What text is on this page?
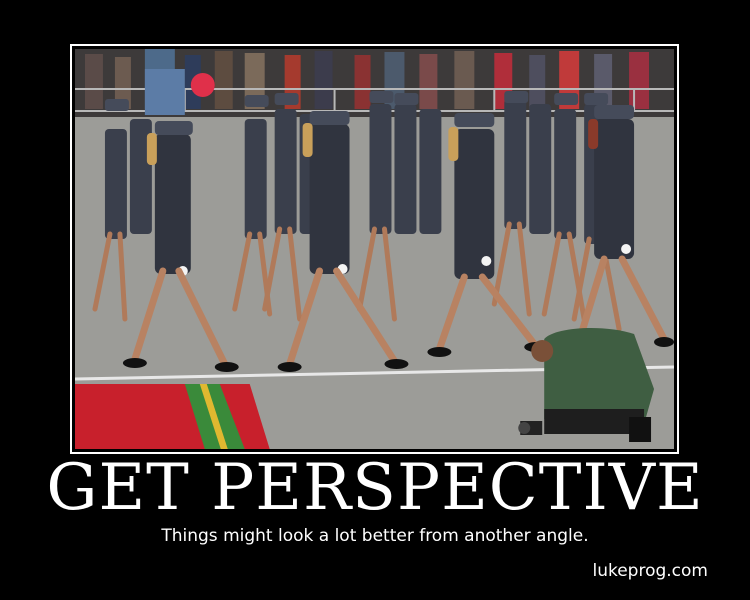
GET PERSPECTIVE
Things might look a lot better from another angle.
lukeprog.com
